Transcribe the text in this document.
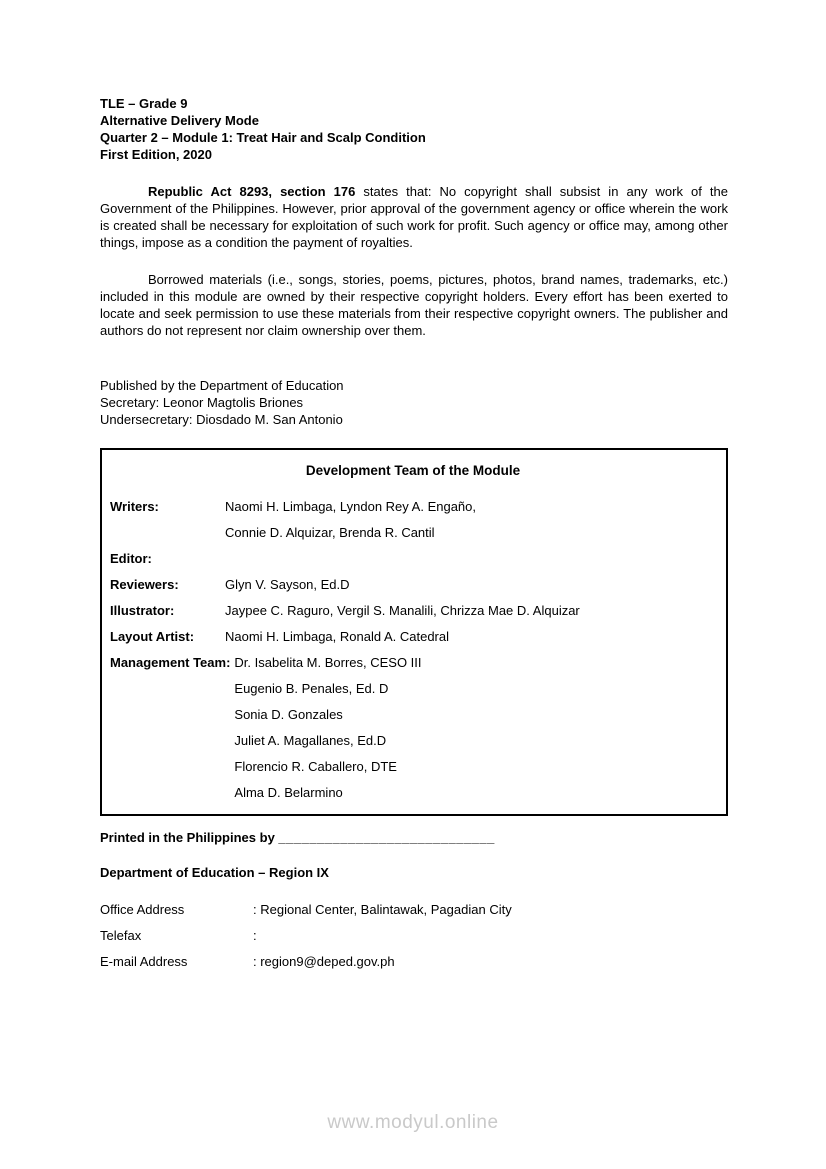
TLE – Grade 9
Alternative Delivery Mode
Quarter 2 – Module 1: Treat Hair and Scalp Condition
First Edition, 2020

Republic Act 8293, section 176 states that: No copyright shall subsist in any work of the Government of the Philippines. However, prior approval of the government agency or office wherein the work is created shall be necessary for exploitation of such work for profit. Such agency or office may, among other things, impose as a condition the payment of royalties.

Borrowed materials (i.e., songs, stories, poems, pictures, photos, brand names, trademarks, etc.) included in this module are owned by their respective copyright holders. Every effort has been exerted to locate and seek permission to use these materials from their respective copyright owners. The publisher and authors do not represent nor claim ownership over them.

Published by the Department of Education
Secretary: Leonor Magtolis Briones
Undersecretary: Diosdado M. San Antonio
Development Team of the Module
Writers:	Naomi H. Limbaga, Lyndon Rey A. Engaño,
Connie D. Alquizar, Brenda R. Cantil
Editor:
Reviewers:	Glyn V. Sayson, Ed.D
Illustrator:	Jaypee C. Raguro, Vergil S. Manalili, Chrizza Mae D. Alquizar
Layout Artist:	Naomi H. Limbaga, Ronald A. Catedral
Management Team: Dr. Isabelita M. Borres, CESO III
Eugenio B. Penales, Ed. D
Sonia D. Gonzales
Juliet A. Magallanes, Ed.D
Florencio R. Caballero, DTE
Alma D. Belarmino

Printed in the Philippines by ____________________________

Department of Education – Region IX

Office Address	: Regional Center, Balintawak, Pagadian City
Telefax	:
E-mail Address	: region9@deped.gov.ph
www.modyul.online
